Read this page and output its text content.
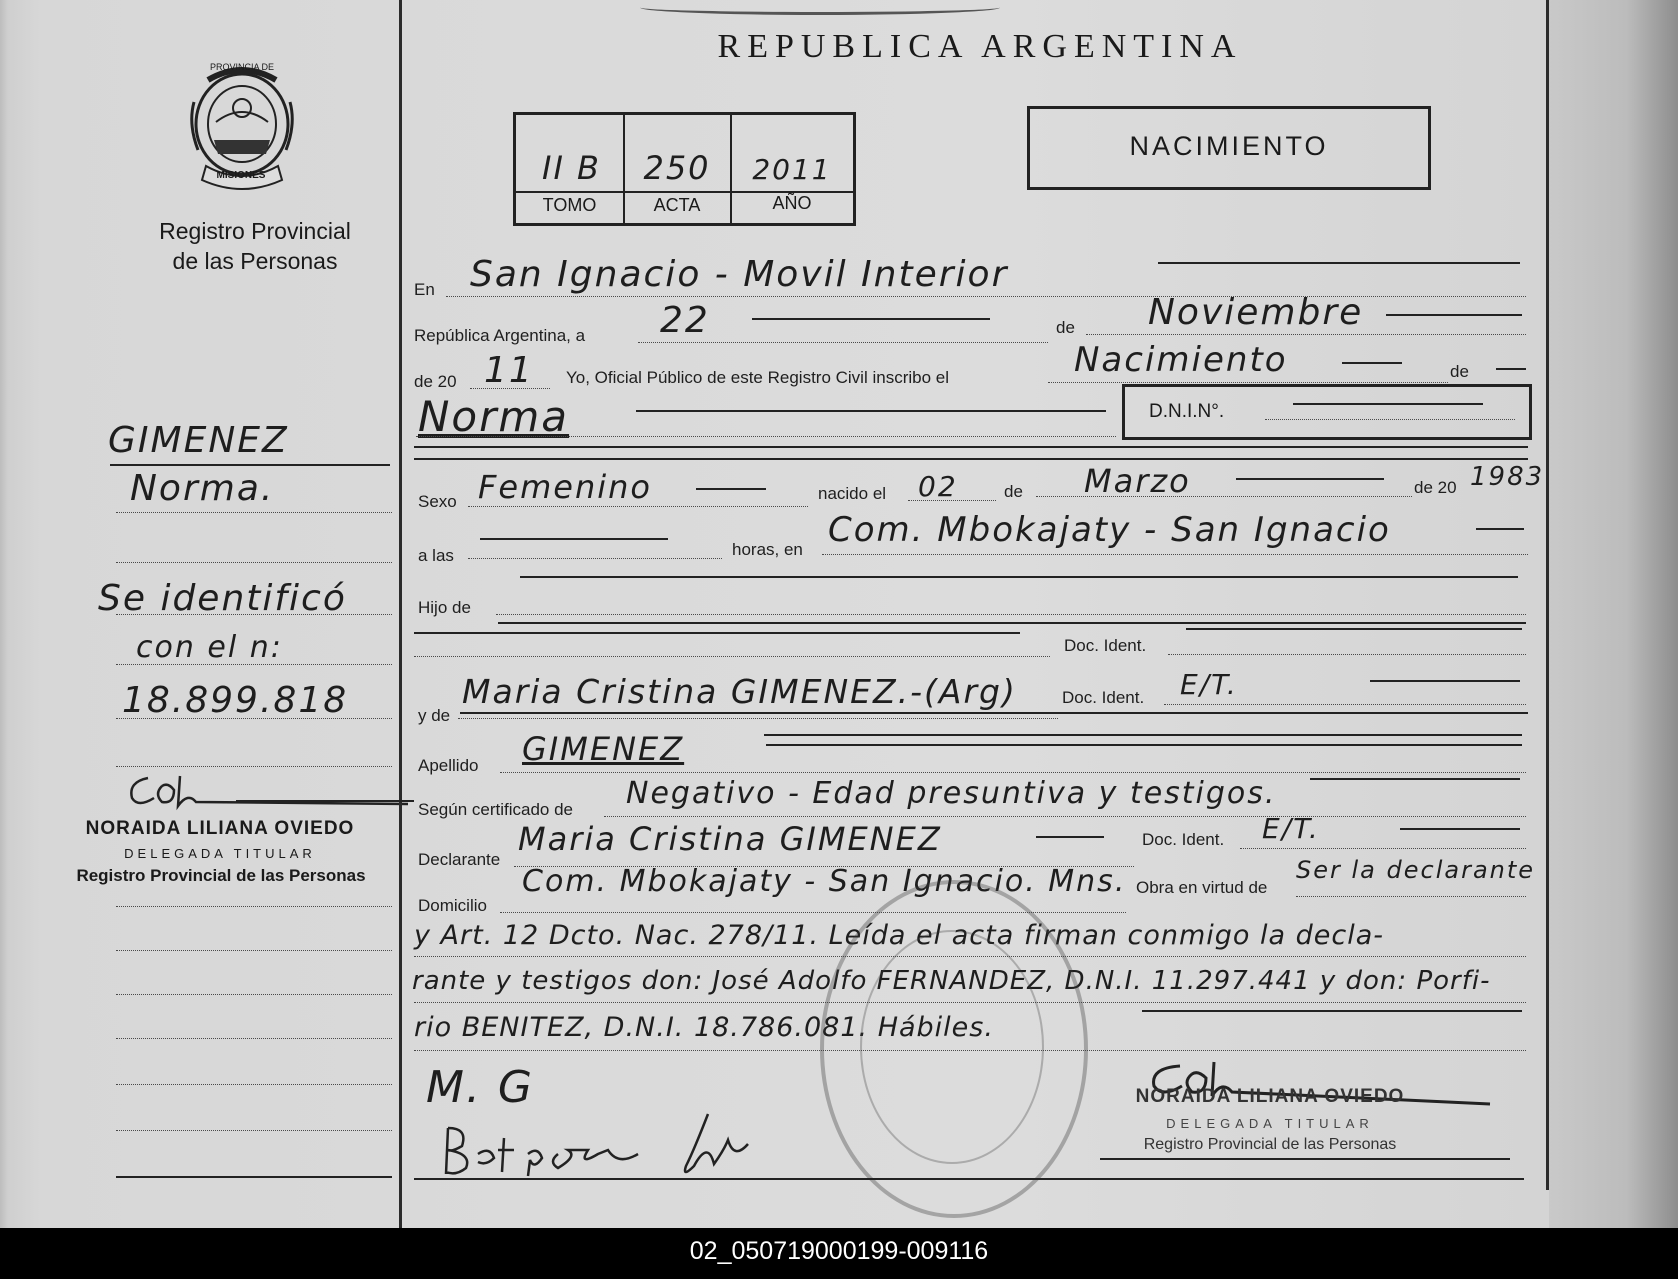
PROVINCIA DE
MISIONES
Registro Provincial
de las Personas
GIMENEZ
Norma.
Se identificó
con el n:
18.899.818
NORAIDA LILIANA OVIEDO
DELEGADA TITULAR
Registro Provincial de las Personas
REPUBLICA ARGENTINA
II B	250	2011
TOMO	ACTA	AÑO
NACIMIENTO
En San Ignacio - Movil Interior
República Argentina, a	de
22	Noviembre
de 20 11 Yo, Oficial Público de este Registro Civil inscribo el	Nacimiento	de
Norma	D.N.I.N°.
Sexo Femenino	nacido el 02	de Marzo	de 20 1983
a las	horas, en Com. Mbokajaty - San Ignacio
Hijo de
Doc. Ident.
y de
Maria Cristina GIMENEZ.-(Arg)	Doc. Ident. E/T.
Apellido GIMENEZ
Según certificado de Negativo - Edad presuntiva y testigos.
Declarante
Maria Cristina GIMENEZ	Doc. Ident. E/T.
Domicilio
Com. Mbokajaty - San Ignacio. Mns. Obra en virtud de
Ser la declarante
y Art. 12 Dcto. Nac. 278/11. Leída el acta firman conmigo la decla-
rante y testigos don: José Adolfo FERNANDEZ, D.N.I. 11.297.441 y don: Porfi-
rio BENITEZ, D.N.I. 18.786.081. Hábiles.
M. G	NORAIDA LILIANA OVIEDO
DELEGADA TITULAR
Registro Provincial de las Personas
02_050719000199-009116
